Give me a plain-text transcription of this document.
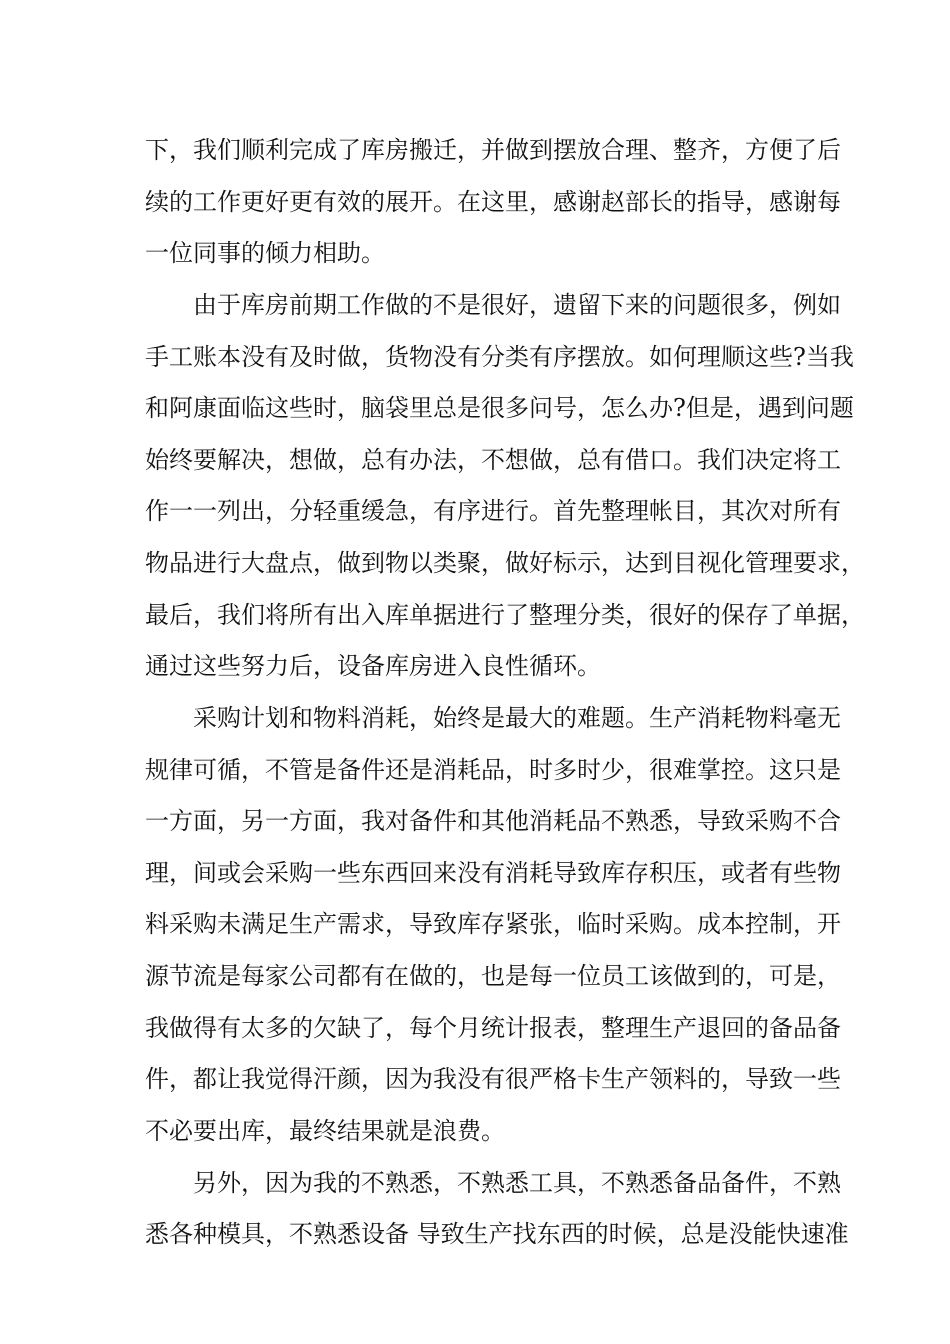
下，我们顺利完成了库房搬迁，并做到摆放合理、整齐，方便了后
续的工作更好更有效的展开。在这里，感谢赵部长的指导，感谢每
一位同事的倾力相助。
由于库房前期工作做的不是很好，遗留下来的问题很多，例如
手工账本没有及时做，货物没有分类有序摆放。如何理顺这些?当我
和阿康面临这些时，脑袋里总是很多问号，怎么办?但是，遇到问题
始终要解决，想做，总有办法，不想做，总有借口。我们决定将工
作一一列出，分轻重缓急，有序进行。首先整理帐目，其次对所有
物品进行大盘点，做到物以类聚，做好标示，达到目视化管理要求，
最后，我们将所有出入库单据进行了整理分类，很好的保存了单据，
通过这些努力后，设备库房进入良性循环。
采购计划和物料消耗，始终是最大的难题。生产消耗物料毫无
规律可循，不管是备件还是消耗品，时多时少，很难掌控。这只是
一方面，另一方面，我对备件和其他消耗品不熟悉，导致采购不合
理，间或会采购一些东西回来没有消耗导致库存积压，或者有些物
料采购未满足生产需求，导致库存紧张，临时采购。成本控制，开
源节流是每家公司都有在做的，也是每一位员工该做到的，可是，
我做得有太多的欠缺了，每个月统计报表，整理生产退回的备品备
件，都让我觉得汗颜，因为我没有很严格卡生产领料的，导致一些
不必要出库，最终结果就是浪费。
另外，因为我的不熟悉，不熟悉工具，不熟悉备品备件，不熟
悉各种模具，不熟悉设备 导致生产找东西的时候，总是没能快速准
